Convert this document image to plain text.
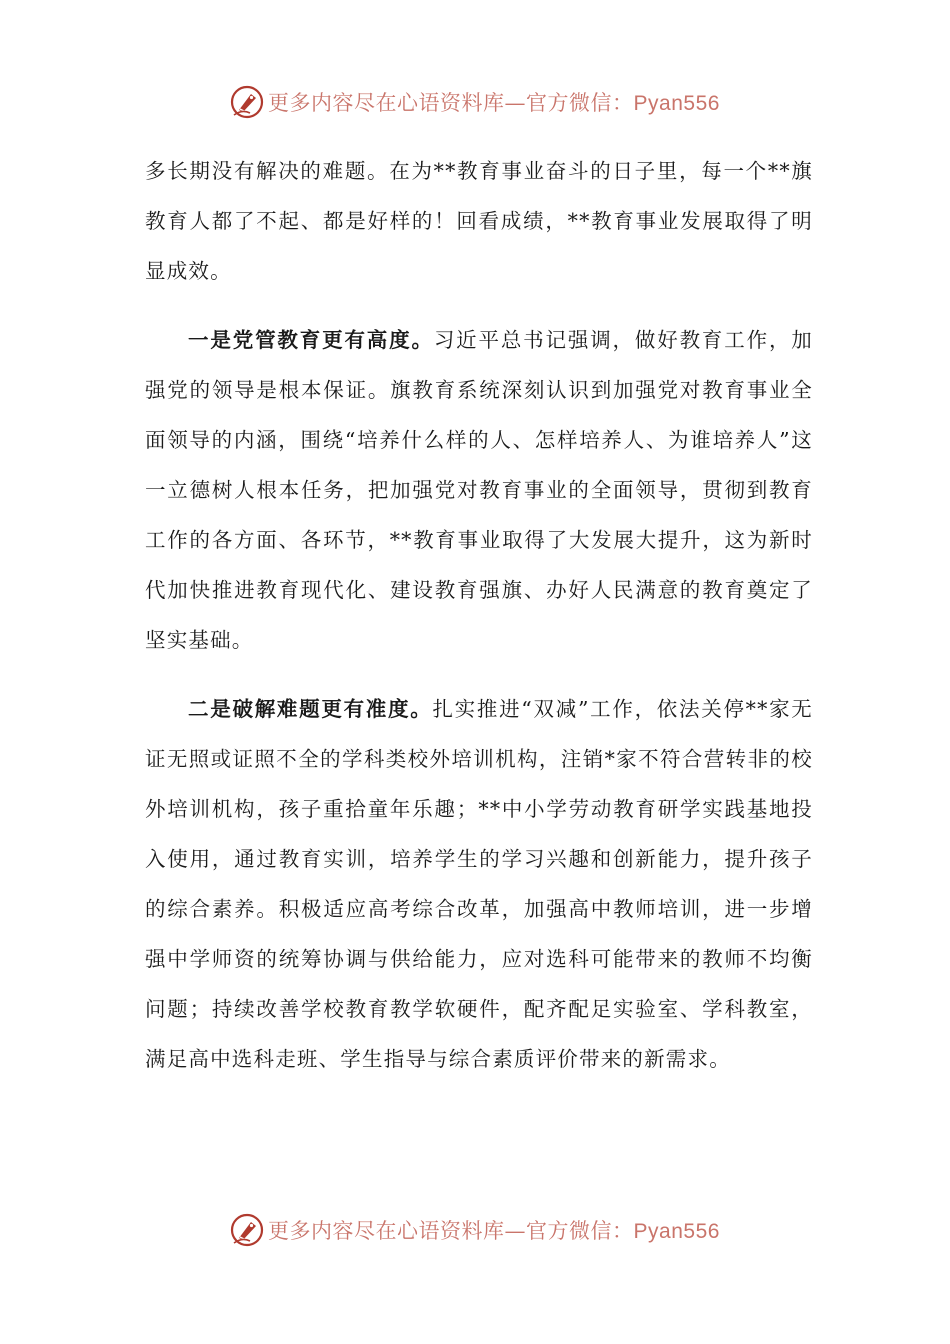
更多内容尽在心语资料库—官方微信：Pyan556

多长期没有解决的难题。在为**教育事业奋斗的日子里，每一个**旗教育人都了不起、都是好样的！回看成绩，**教育事业发展取得了明显成效。

一是党管教育更有高度。习近平总书记强调，做好教育工作，加强党的领导是根本保证。旗教育系统深刻认识到加强党对教育事业全面领导的内涵，围绕“培养什么样的人、怎样培养人、为谁培养人”这一立德树人根本任务，把加强党对教育事业的全面领导，贯彻到教育工作的各方面、各环节，**教育事业取得了大发展大提升，这为新时代加快推进教育现代化、建设教育强旗、办好人民满意的教育奠定了坚实基础。

二是破解难题更有准度。扎实推进“双减”工作，依法关停**家无证无照或证照不全的学科类校外培训机构，注销*家不符合营转非的校外培训机构，孩子重拾童年乐趣；**中小学劳动教育研学实践基地投入使用，通过教育实训，培养学生的学习兴趣和创新能力，提升孩子的综合素养。积极适应高考综合改革，加强高中教师培训，进一步增强中学师资的统筹协调与供给能力，应对选科可能带来的教师不均衡问题；持续改善学校教育教学软硬件，配齐配足实验室、学科教室，满足高中选科走班、学生指导与综合素质评价带来的新需求。

更多内容尽在心语资料库—官方微信：Pyan556
